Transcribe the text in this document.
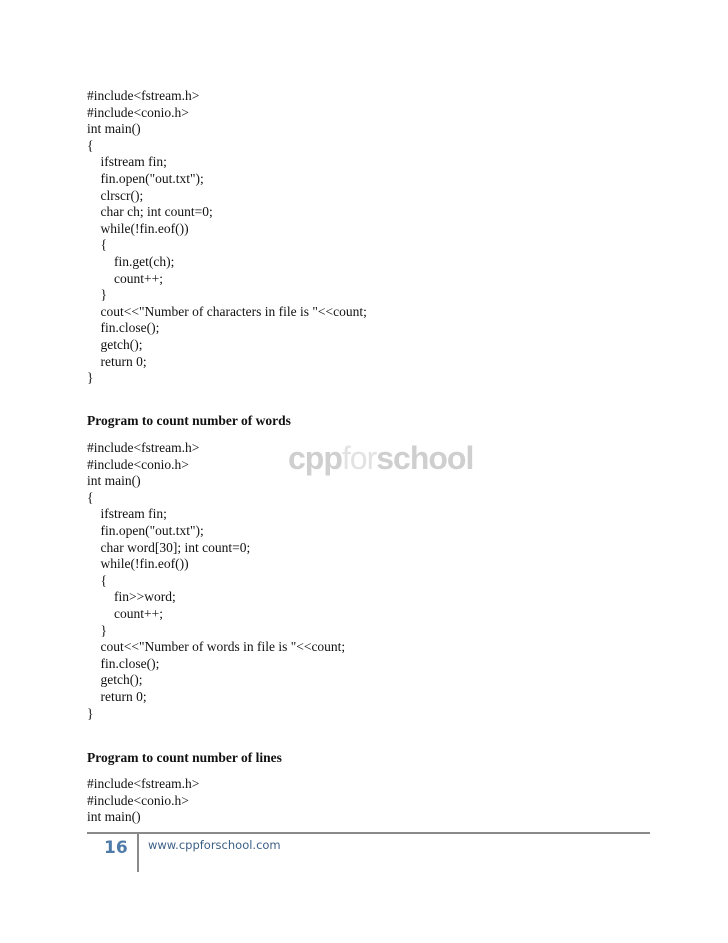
cppforschool
#include<fstream.h>
#include<conio.h>
int main()
{
ifstream fin;
fin.open("out.txt");
clrscr();
char ch; int count=0;
while(!fin.eof())
{
fin.get(ch);
count++;
}
cout<<"Number of characters in file is "<<count;
fin.close();
getch();
return 0;
}
Program to count number of words
#include<fstream.h>
#include<conio.h>
int main()
{
ifstream fin;
fin.open("out.txt");
char word[30]; int count=0;
while(!fin.eof())
{
fin>>word;
count++;
}
cout<<"Number of words in file is "<<count;
fin.close();
getch();
return 0;
}
Program to count number of lines
#include<fstream.h>
#include<conio.h>
int main()
16 www.cppforschool.com
